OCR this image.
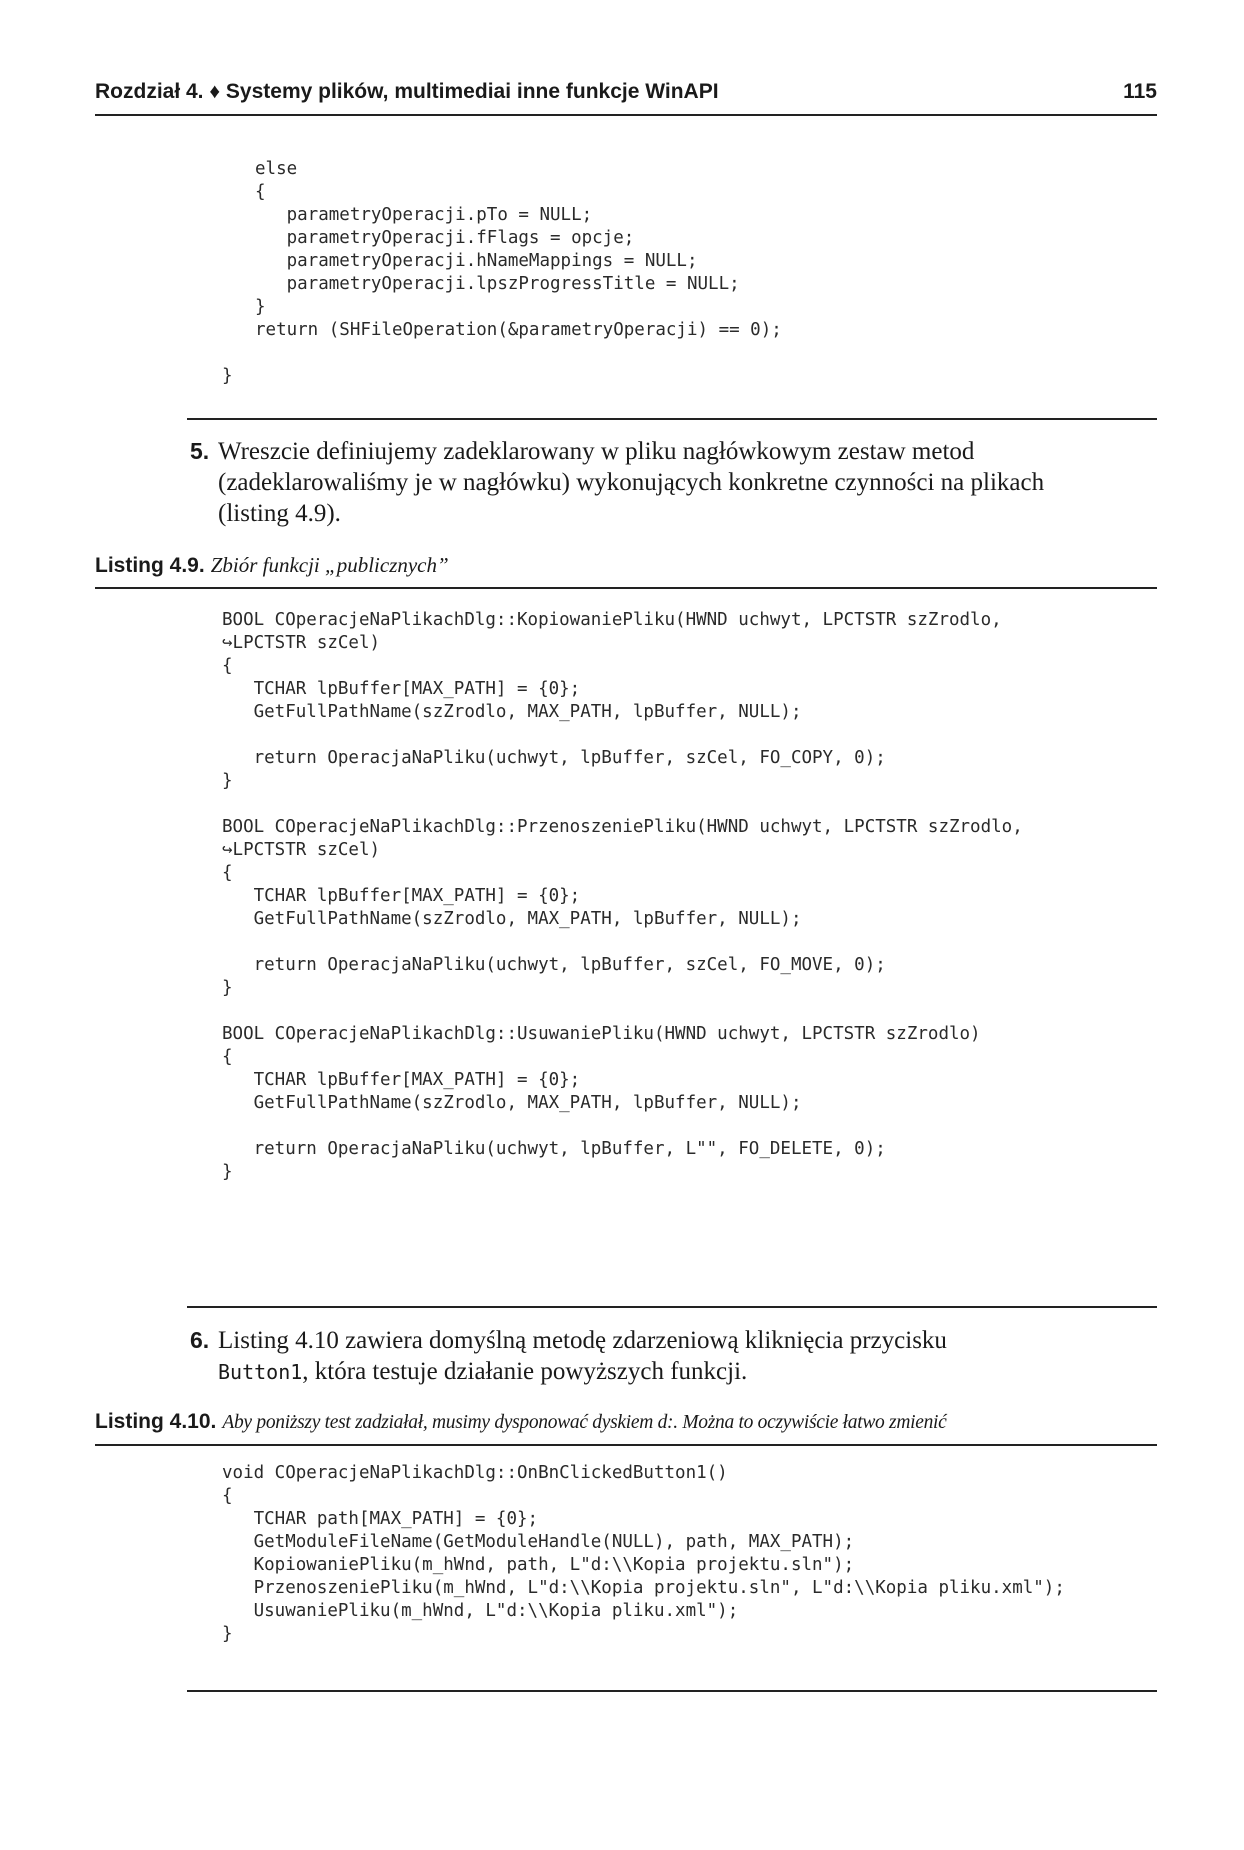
Rozdział 4. ♦ Systemy plików, multimediai inne funkcje WinAPI	115
else
{
parametryOperacji.pTo = NULL;
parametryOperacji.fFlags = opcje;
parametryOperacji.hNameMappings = NULL;
parametryOperacji.lpszProgressTitle = NULL;
}
return (SHFileOperation(&parametryOperacji) == 0);
}
5. Wreszcie definiujemy zadeklarowany w pliku nagłówkowym zestaw metod
(zadeklarowaliśmy je w nagłówku) wykonujących konkretne czynności na plikach
(listing 4.9).
Listing 4.9. Zbiór funkcji „publicznych”
BOOL COperacjeNaPlikachDlg::KopiowaniePliku(HWND uchwyt, LPCTSTR szZrodlo,
↪LPCTSTR szCel)
{
TCHAR lpBuffer[MAX_PATH] = {0};
GetFullPathName(szZrodlo, MAX_PATH, lpBuffer, NULL);

return OperacjaNaPliku(uchwyt, lpBuffer, szCel, FO_COPY, 0);
}

BOOL COperacjeNaPlikachDlg::PrzenoszeniePliku(HWND uchwyt, LPCTSTR szZrodlo,
↪LPCTSTR szCel)
{
TCHAR lpBuffer[MAX_PATH] = {0};
GetFullPathName(szZrodlo, MAX_PATH, lpBuffer, NULL);

return OperacjaNaPliku(uchwyt, lpBuffer, szCel, FO_MOVE, 0);
}

BOOL COperacjeNaPlikachDlg::UsuwaniePliku(HWND uchwyt, LPCTSTR szZrodlo)
{
TCHAR lpBuffer[MAX_PATH] = {0};
GetFullPathName(szZrodlo, MAX_PATH, lpBuffer, NULL);

return OperacjaNaPliku(uchwyt, lpBuffer, L"", FO_DELETE, 0);
}
6. Listing 4.10 zawiera domyślną metodę zdarzeniową kliknięcia przycisku
Button1, która testuje działanie powyższych funkcji.
Listing 4.10. Aby poniższy test zadziałał, musimy dysponować dyskiem d:. Można to oczywiście łatwo zmienić
void COperacjeNaPlikachDlg::OnBnClickedButton1()
{
TCHAR path[MAX_PATH] = {0};
GetModuleFileName(GetModuleHandle(NULL), path, MAX_PATH);
KopiowaniePliku(m_hWnd, path, L"d:\\Kopia projektu.sln");
PrzenoszeniePliku(m_hWnd, L"d:\\Kopia projektu.sln", L"d:\\Kopia pliku.xml");
UsuwaniePliku(m_hWnd, L"d:\\Kopia pliku.xml");
}
